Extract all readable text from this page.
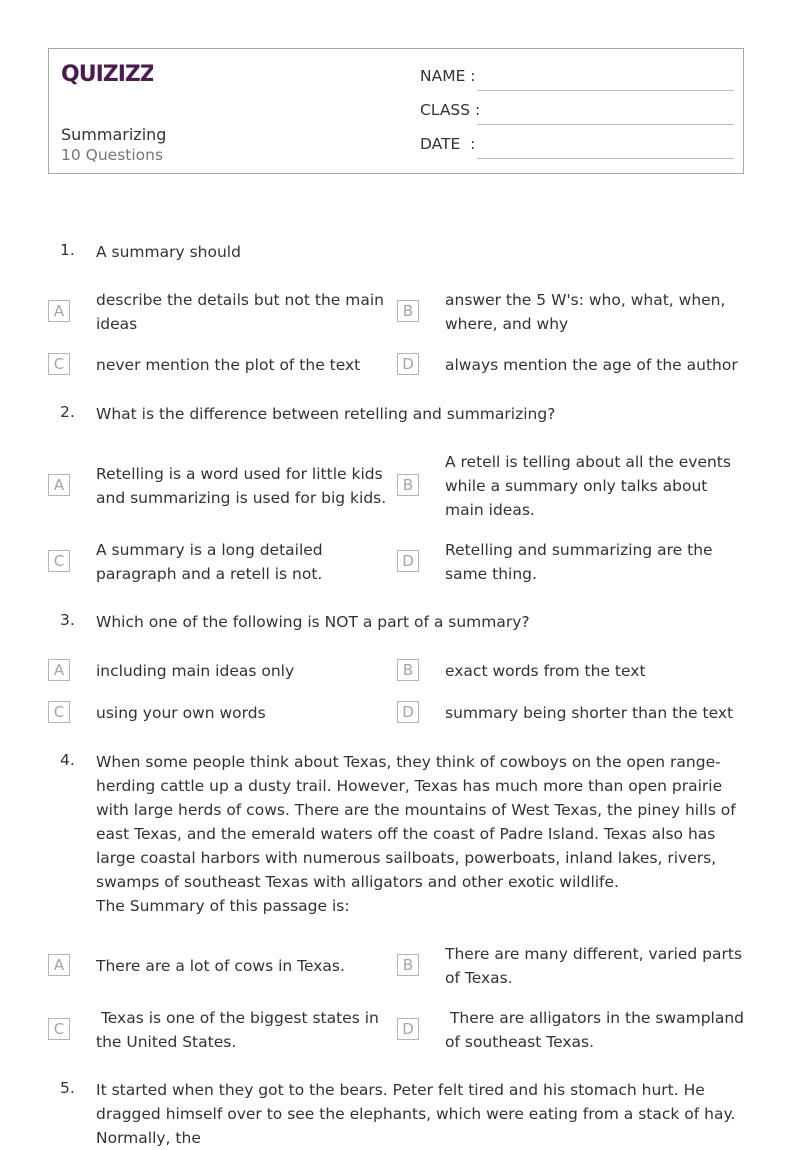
QUIZIZZ
Summarizing
10 Questions
NAME :
CLASS :
DATE  :
1.	A summary should
A
describe the details but not the main ideas
B
answer the 5 W's: who, what, when, where, and why
C	never mention the plot of the text	D	always mention the age of the author
2.	What is the difference between retelling and summarizing?
A
Retelling is a word used for little kids and summarizing is used for big kids.
B
A retell is telling about all the events while a summary only talks about main ideas.
C
A summary is a long detailed paragraph and a retell is not.
D
Retelling and summarizing are the same thing.
3.	Which one of the following is NOT a part of a summary?
A	including main ideas only	B	exact words from the text
C	using your own words	D	summary being shorter than the text
4.	When some people think about Texas, they think of cowboys on the open range-herding cattle up a dusty trail. However, Texas has much more than open prairie with large herds of cows. There are the mountains of West Texas, the piney hills of east Texas, and the emerald waters off the coast of Padre Island. Texas also has large coastal harbors with numerous sailboats, powerboats, inland lakes, rivers, swamps of southeast Texas with alligators and other exotic wildlife.
The Summary of this passage is:
A	There are a lot of cows in Texas.	B
There are many different, varied parts of Texas.
C
Texas is one of the biggest states in the United States.
D
There are alligators in the swampland of southeast Texas.
5.	It started when they got to the bears. Peter felt tired and his stomach hurt. He dragged himself over to see the elephants, which were eating from a stack of hay. Normally, the
